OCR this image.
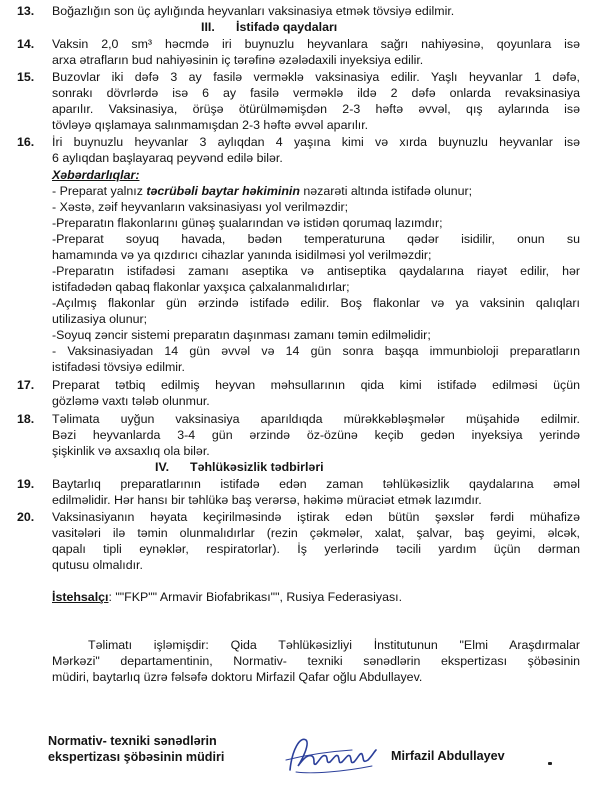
13. Boğazlığın son üç aylığında heyvanları vaksinasiya etmək tövsiyə edilmir.
III. İstifadə qaydaları
14. Vaksin 2,0 sm³ həcmdə iri buynuzlu heyvanlara sağrı nahiyəsinə, qoyunlara isə
arxa ətrafların bud nahiyəsinin iç tərəfinə əzələdaxili inyeksiya edilir.
15. Buzovlar iki dəfə 3 ay fasilə verməklə vaksinasiya edilir. Yaşlı heyvanlar 1 dəfə,
sonrakı dövrlərdə isə 6 ay fasilə verməklə ildə 2 dəfə onlarda revaksinasiya
aparılır. Vaksinasiya, örüşə ötürülməmişdən 2-3 həftə əvvəl, qış aylarında isə
tövləyə qışlamaya salınmamışdan 2-3 həftə əvvəl aparılır.
16. İri buynuzlu heyvanlar 3 aylıqdan 4 yaşına kimi və xırda buynuzlu heyvanlar isə
6 aylıqdan başlayaraq peyvənd edilə bilər.
Xəbərdarlıqlar:
- Preparat yalnız təcrübəli baytar həkiminin nəzarəti altında istifadə olunur;
- Xəstə, zəif heyvanların vaksinasiyası yol verilməzdir;
-Preparatın flakonlarını günəş şualarından və istidən qorumaq lazımdır;
-Preparat soyuq havada, bədən temperaturuna qədər isidilir, onun su
hamamında və ya qızdırıcı cihazlar yanında isidilməsi yol verilməzdir;
-Preparatın istifadəsi zamanı aseptika və antiseptika qaydalarına riayət edilir, hər
istifadədən qabaq flakonlar yaxşıca çalxalanmalıdırlar;
-Açılmış flakonlar gün ərzində istifadə edilir. Boş flakonlar və ya vaksinin qalıqları
utilizasiya olunur;
-Soyuq zəncir sistemi preparatın daşınması zamanı təmin edilməlidir;
- Vaksinasiyadan 14 gün əvvəl və 14 gün sonra başqa immunbioloji preparatların
istifadəsi tövsiyə edilmir.
17. Preparat tətbiq edilmiş heyvan məhsullarının qida kimi istifadə edilməsi üçün
gözləmə vaxtı tələb olunmur.
18. Təlimata uyğun vaksinasiya aparıldıqda mürəkkəbləşmələr müşahidə edilmir.
Bəzi heyvanlarda 3-4 gün ərzində öz-özünə keçib gedən inyeksiya yerində
şişkinlik və axsaxlıq ola bilər.
IV. Təhlükəsizlik tədbirləri
19. Baytarlıq preparatlarının istifadə edən zaman təhlükəsizlik qaydalarına əməl
edilməlidir. Hər hansı bir təhlükə baş verərsə, həkimə müraciət etmək lazımdır.
20. Vaksinasiyanın həyata keçirilməsində iştirak edən bütün şəxslər fərdi mühafizə
vasitələri ilə təmin olunmalıdırlar (rezin çəkmələr, xalat, şalvar, baş geyimi, əlcək,
qapalı tipli eynəklər, respiratorlar). İş yerlərində təcili yardım üçün dərman
qutusu olmalıdır.
İstehsalçı: ""FKP"" Armavir Biofabrikası"", Rusiya Federasiyası.
Təlimatı işləmişdir: Qida Təhlükəsizliyi İnstitutunun "Elmi Araşdırmalar
Mərkəzi" departamentinin, Normativ- texniki sənədlərin ekspertizası şöbəsinin
müdiri, baytarlıq üzrə fəlsəfə doktoru Mirfazil Qafar oğlu Abdullayev.
Normativ- texniki sənədlərin
ekspertizası şöbəsinin müdiri	Mirfazil Abdullayev
